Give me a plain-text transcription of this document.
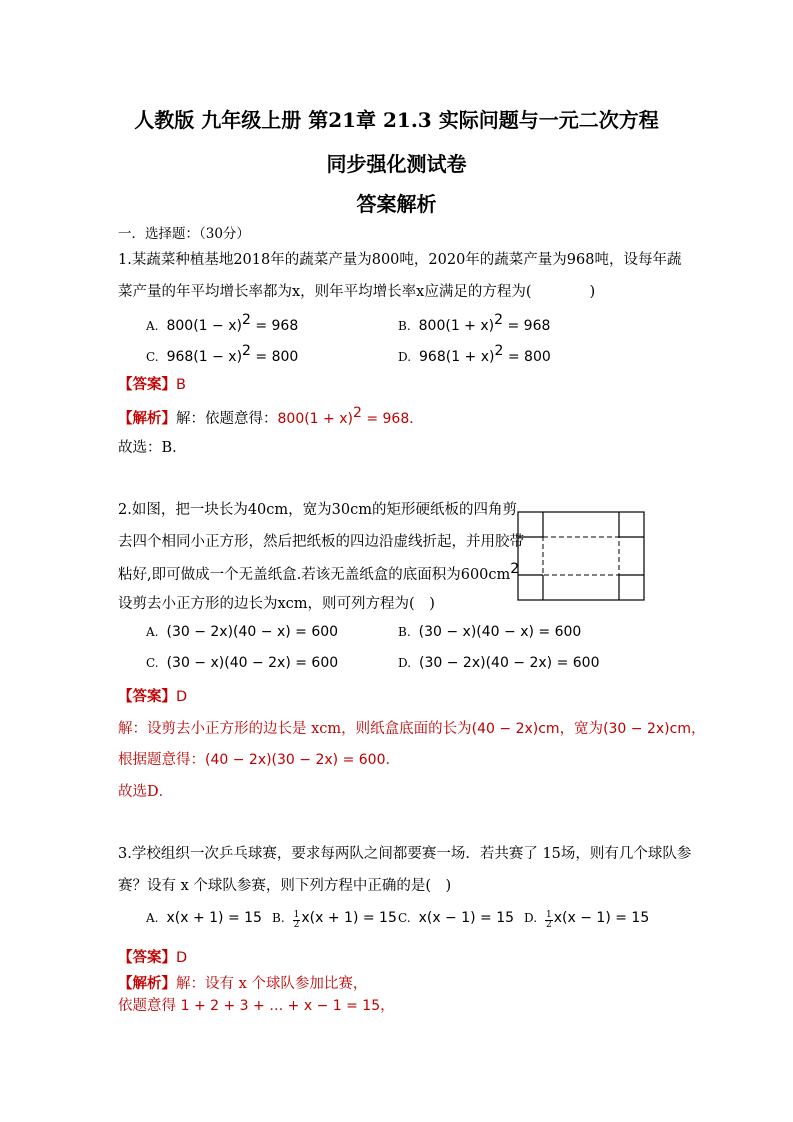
人教版 九年级上册 第21章 21.3 实际问题与一元二次方程
同步强化测试卷
答案解析
一．选择题：（30分）
1.某蔬菜种植基地2018年的蔬菜产量为800吨，2020年的蔬菜产量为968吨，设每年蔬
菜产量的年平均增长率都为x，则年平均增长率x应满足的方程为(　　　　)
A. $800(1 - x)^2 = 968$	B. $800(1 + x)^2 = 968$
C. $968(1 - x)^2 = 800$	D. $968(1 + x)^2 = 800$
【答案】B
【解析】解：依题意得：$800(1 + x)^2 = 968$．
故选：B．
2.如图，把一块长为40cm，宽为30cm的矩形硬纸板的四角剪
去四个相同小正方形，然后把纸板的四边沿虚线折起，并用胶带
粘好,即可做成一个无盖纸盒.若该无盖纸盒的底面积为$600cm^2$
设剪去小正方形的边长为xcm，则可列方程为(　)
A. (30 − 2x)(40 − x) = 600	B. (30 − x)(40 − x) = 600
C. (30 − x)(40 − 2x) = 600	D. (30 − 2x)(40 − 2x) = 600
【答案】D
解：设剪去小正方形的边长是 xcm，则纸盒底面的长为(40 − 2x)cm，宽为(30 − 2x)cm，
根据题意得：(40 − 2x)(30 − 2x) = 600．
故选D．
3.学校组织一次乒乓球赛，要求每两队之间都要赛一场．若共赛了 15场，则有几个球队参
赛？设有 x 个球队参赛，则下列方程中正确的是(　)
A. x(x + 1) = 15 B. $\frac{1}{2} x(x + 1) = 15$ C. x(x − 1) = 15 D. $\frac{1}{2} x(x - 1) = 15$
【答案】D
【解析】解：设有 x 个球队参加比赛，
依题意得 1 + 2 + 3 + … + x − 1 = 15，
